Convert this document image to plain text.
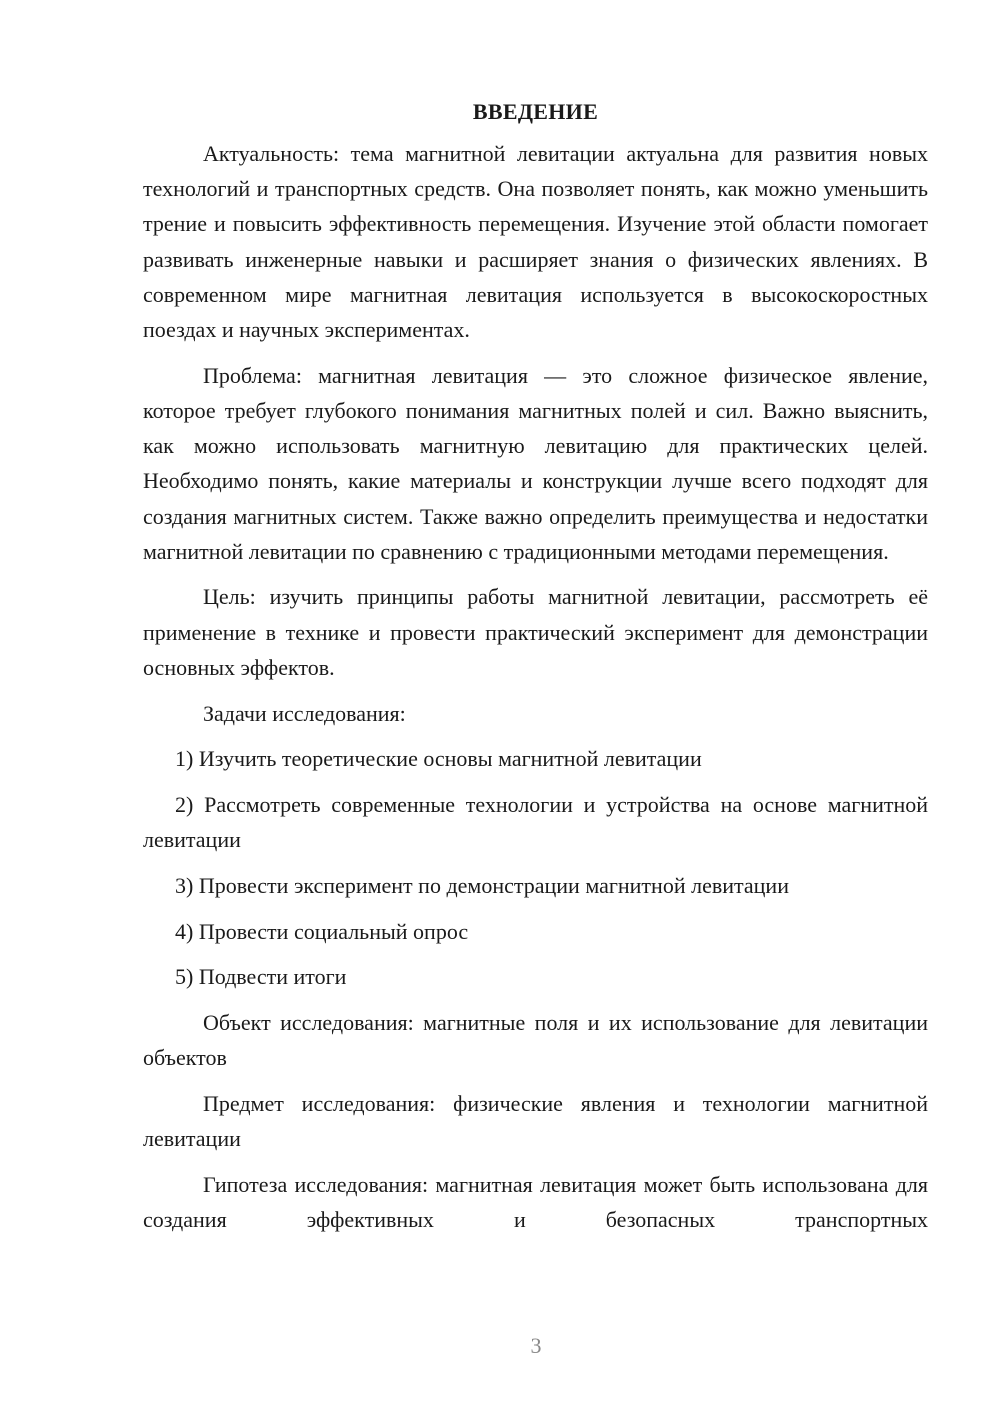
ВВЕДЕНИЕ

Актуальность: тема магнитной левитации актуальна для развития новых технологий и транспортных средств. Она позволяет понять, как можно уменьшить трение и повысить эффективность перемещения. Изучение этой области помогает развивать инженерные навыки и расширяет знания о физических явлениях. В современном мире магнитная левитация используется в высокоскоростных поездах и научных экспериментах.

Проблема: магнитная левитация — это сложное физическое явление, которое требует глубокого понимания магнитных полей и сил. Важно выяснить, как можно использовать магнитную левитацию для практических целей. Необходимо понять, какие материалы и конструкции лучше всего подходят для создания магнитных систем. Также важно определить преимущества и недостатки магнитной левитации по сравнению с традиционными методами перемещения.

Цель: изучить принципы работы магнитной левитации, рассмотреть её применение в технике и провести практический эксперимент для демонстрации основных эффектов.

Задачи исследования:

1) Изучить теоретические основы магнитной левитации

2) Рассмотреть современные технологии и устройства на основе магнитной левитации

3) Провести эксперимент по демонстрации магнитной левитации

4) Провести социальный опрос

5) Подвести итоги

Объект исследования: магнитные поля и их использование для левитации объектов

Предмет исследования: физические явления и технологии магнитной левитации

Гипотеза исследования: магнитная левитация может быть использована для создания эффективных и безопасных транспортных

3
